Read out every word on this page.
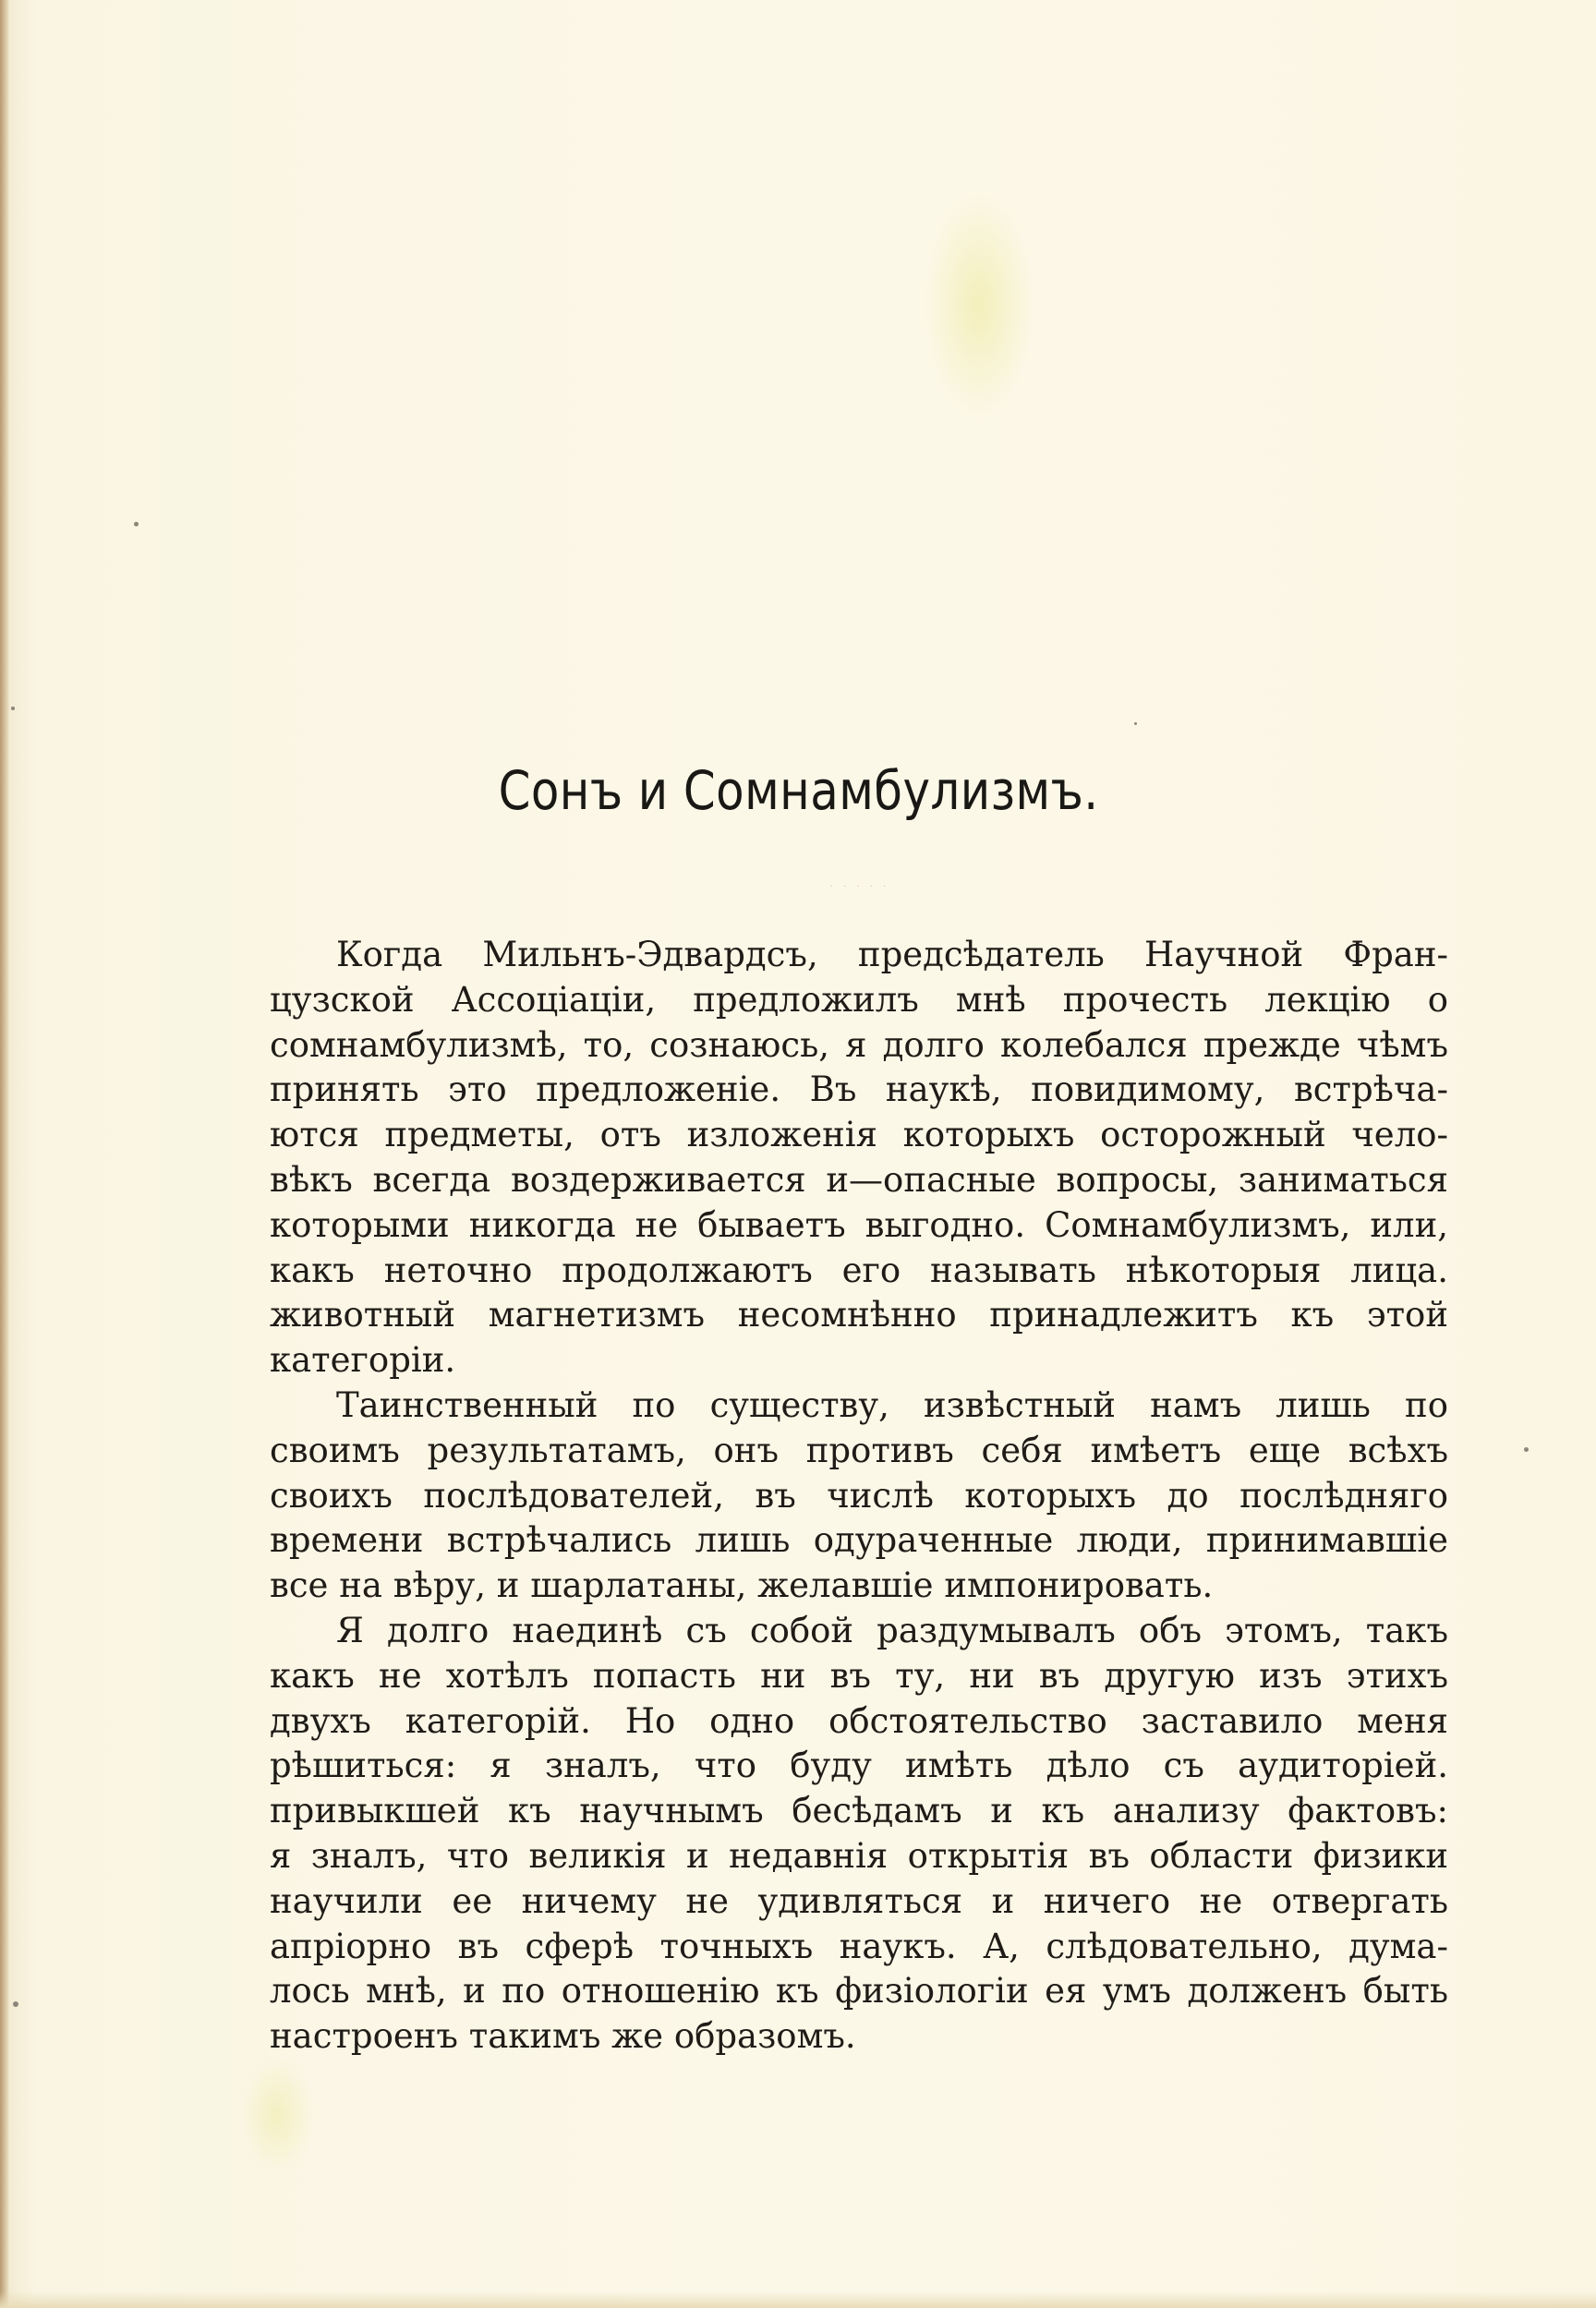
Сонъ и Сомнамбулизмъ.
· · · · ·
Когда Мильнъ-Эдвардсъ, предсѣдатель Научной Фран-
цузской Ассоціаціи, предложилъ мнѣ прочесть лекцію о
сомнамбулизмѣ, то, сознаюсь, я долго колебался прежде чѣмъ
принять это предложеніе. Въ наукѣ, повидимому, встрѣча-
ются предметы, отъ изложенія которыхъ осторожный чело-
вѣкъ всегда воздерживается и—опасные вопросы, заниматься
которыми никогда не бываетъ выгодно. Сомнамбулизмъ, или,
какъ неточно продолжаютъ его называть нѣкоторыя лица.
животный магнетизмъ несомнѣнно принадлежитъ къ этой
категоріи.
Таинственный по существу, извѣстный намъ лишь по
своимъ результатамъ, онъ противъ себя имѣетъ еще всѣхъ
своихъ послѣдователей, въ числѣ которыхъ до послѣдняго
времени встрѣчались лишь одураченные люди, принимавшіе
все на вѣру, и шарлатаны, желавшіе импонировать.
Я долго наединѣ съ собой раздумывалъ объ этомъ, такъ
какъ не хотѣлъ попасть ни въ ту, ни въ другую изъ этихъ
двухъ категорій. Но одно обстоятельство заставило меня
рѣшиться: я зналъ, что буду имѣть дѣло съ аудиторіей.
привыкшей къ научнымъ бесѣдамъ и къ анализу фактовъ:
я зналъ, что великія и недавнія открытія въ области физики
научили ее ничему не удивляться и ничего не отвергать
апріорно въ сферѣ точныхъ наукъ. А, слѣдовательно, дума-
лось мнѣ, и по отношенію къ физіологіи ея умъ долженъ быть
настроенъ такимъ же образомъ.
